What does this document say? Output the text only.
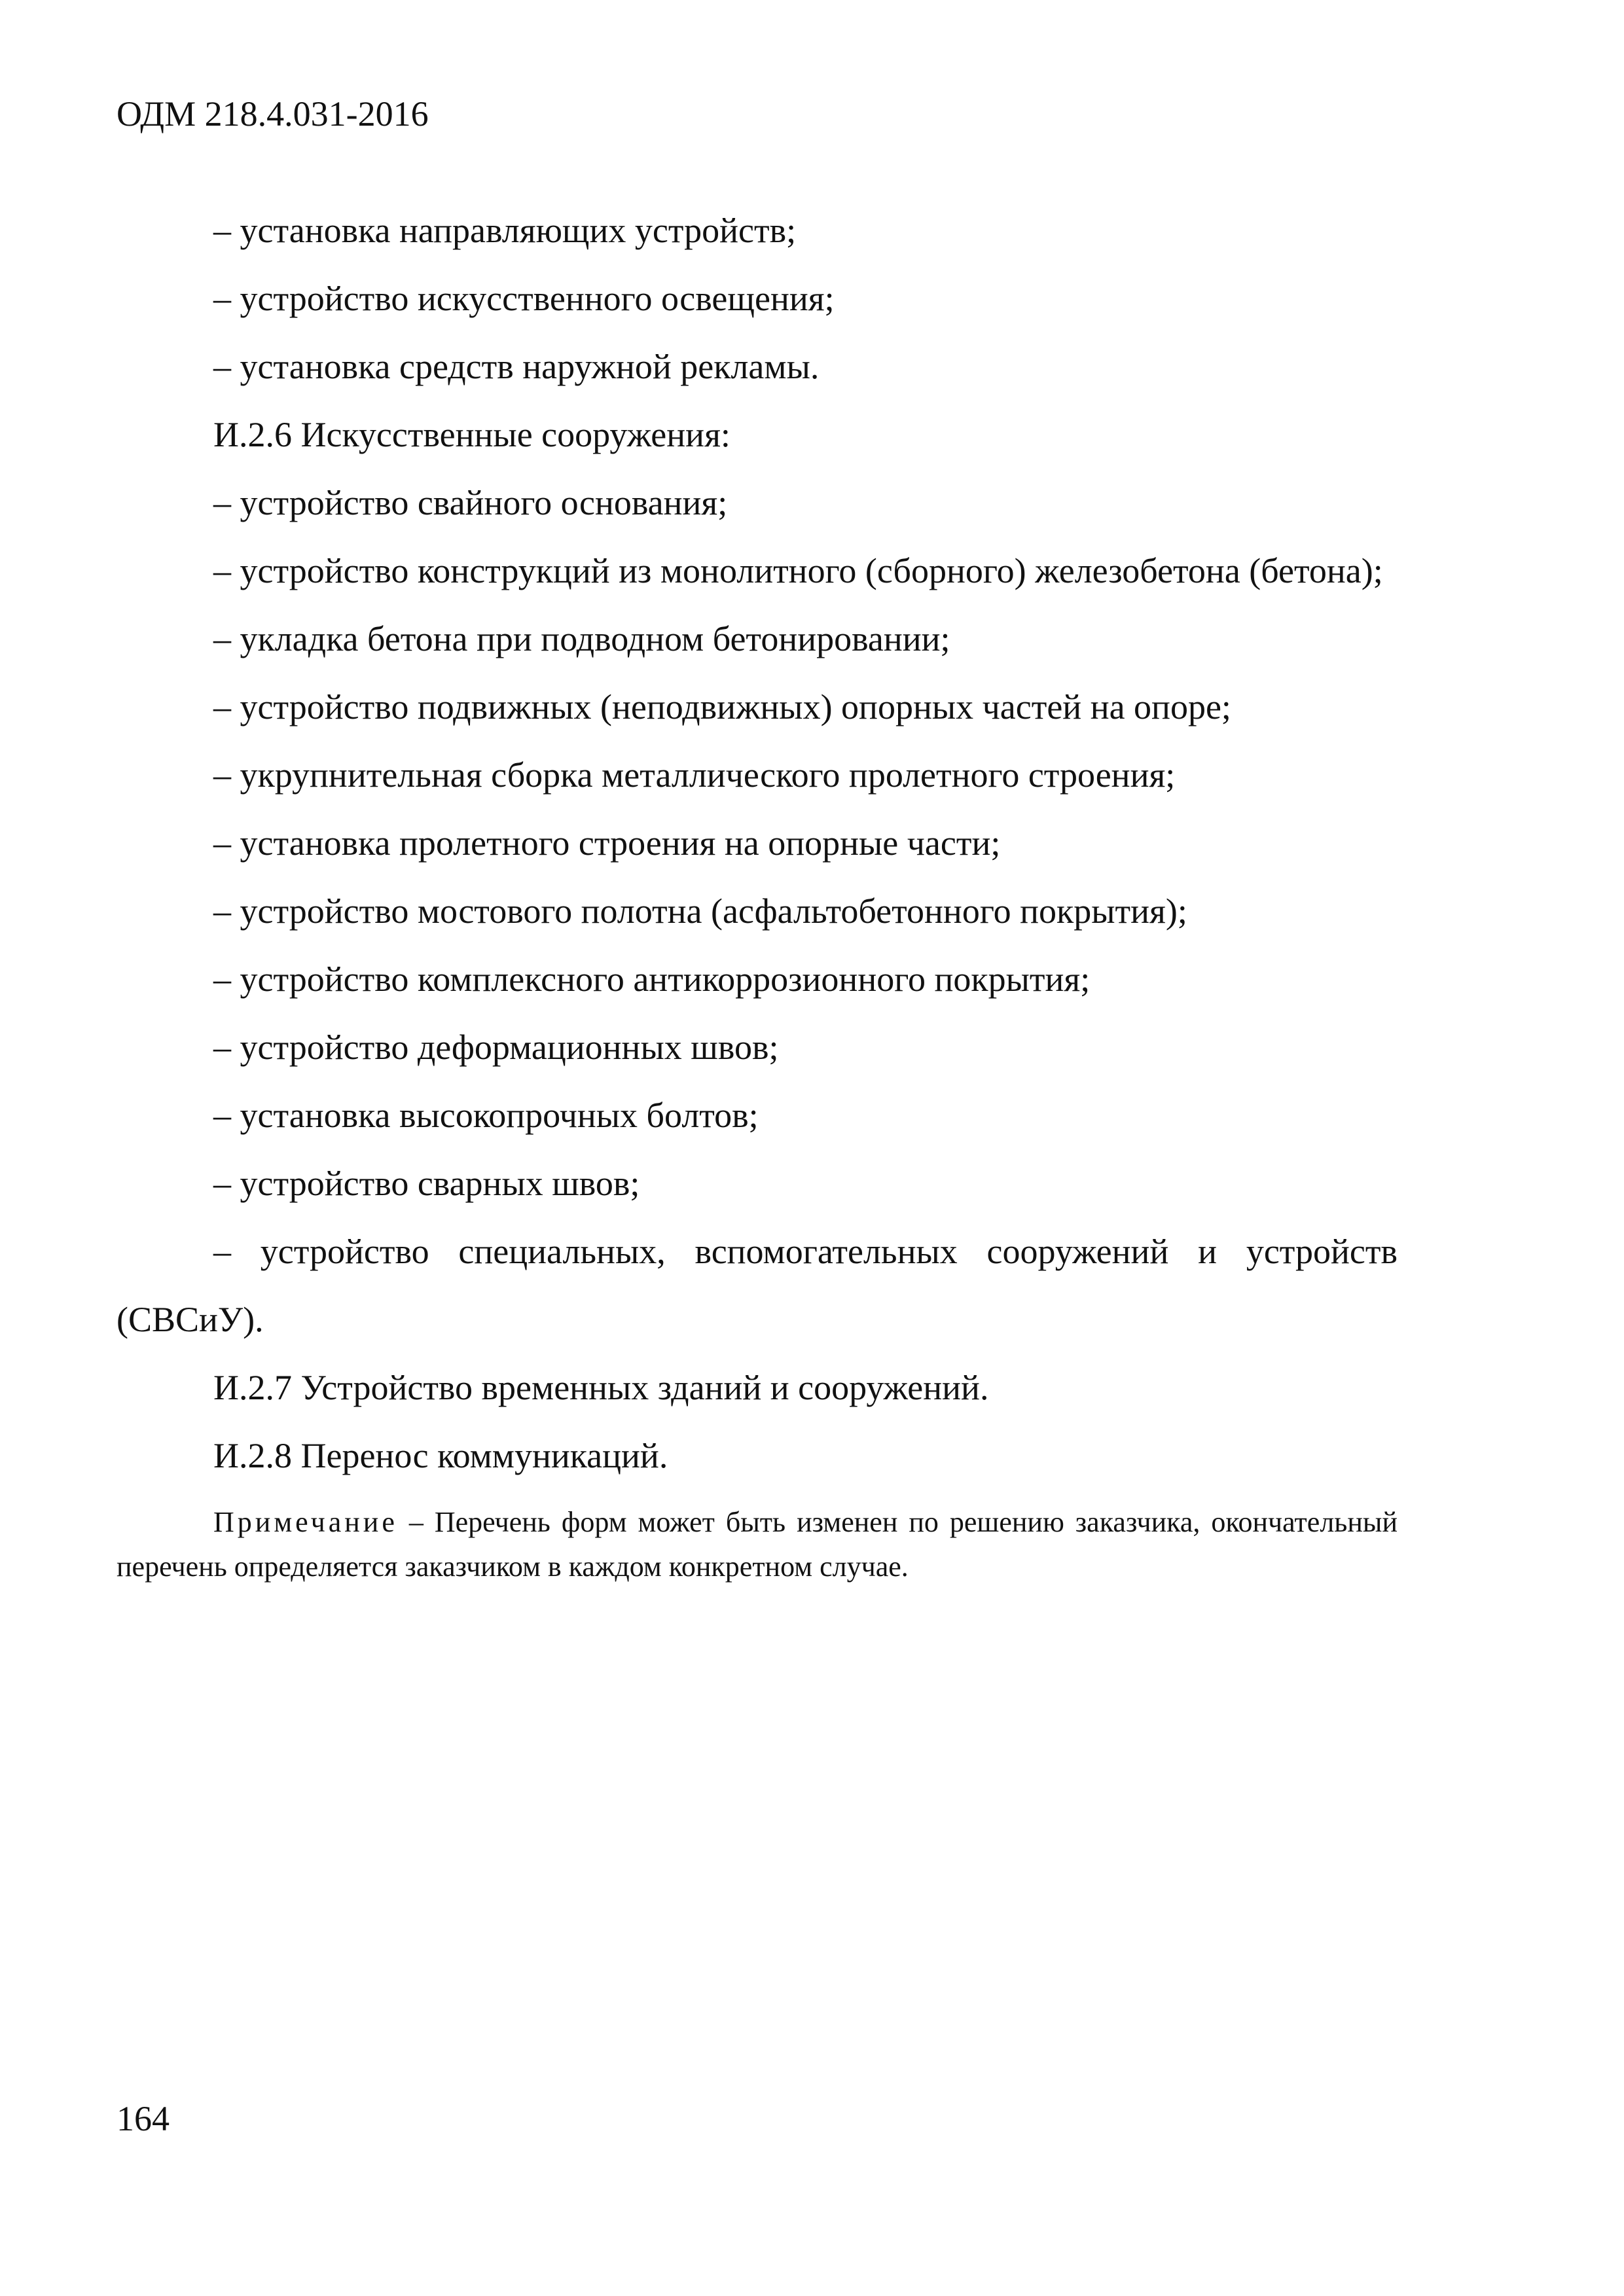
ОДМ 218.4.031-2016

– установка направляющих устройств;

– устройство искусственного освещения;

– установка средств наружной рекламы.

И.2.6 Искусственные сооружения:

– устройство свайного основания;

– устройство конструкций из монолитного (сборного) железобетона (бетона);

– укладка бетона при подводном бетонировании;

– устройство подвижных (неподвижных) опорных частей на опоре;

– укрупнительная сборка металлического пролетного строения;

– установка пролетного строения на опорные части;

– устройство мостового полотна (асфальтобетонного покрытия);

– устройство комплексного антикоррозионного покрытия;

– устройство деформационных швов;

– установка высокопрочных болтов;

– устройство сварных швов;

– устройство специальных, вспомогательных сооружений и устройств (СВСиУ).

И.2.7 Устройство временных зданий и сооружений.

И.2.8 Перенос коммуникаций.

Примечание – Перечень форм может быть изменен по решению заказчика, окончательный перечень определяется заказчиком в каждом конкретном случае.

164
